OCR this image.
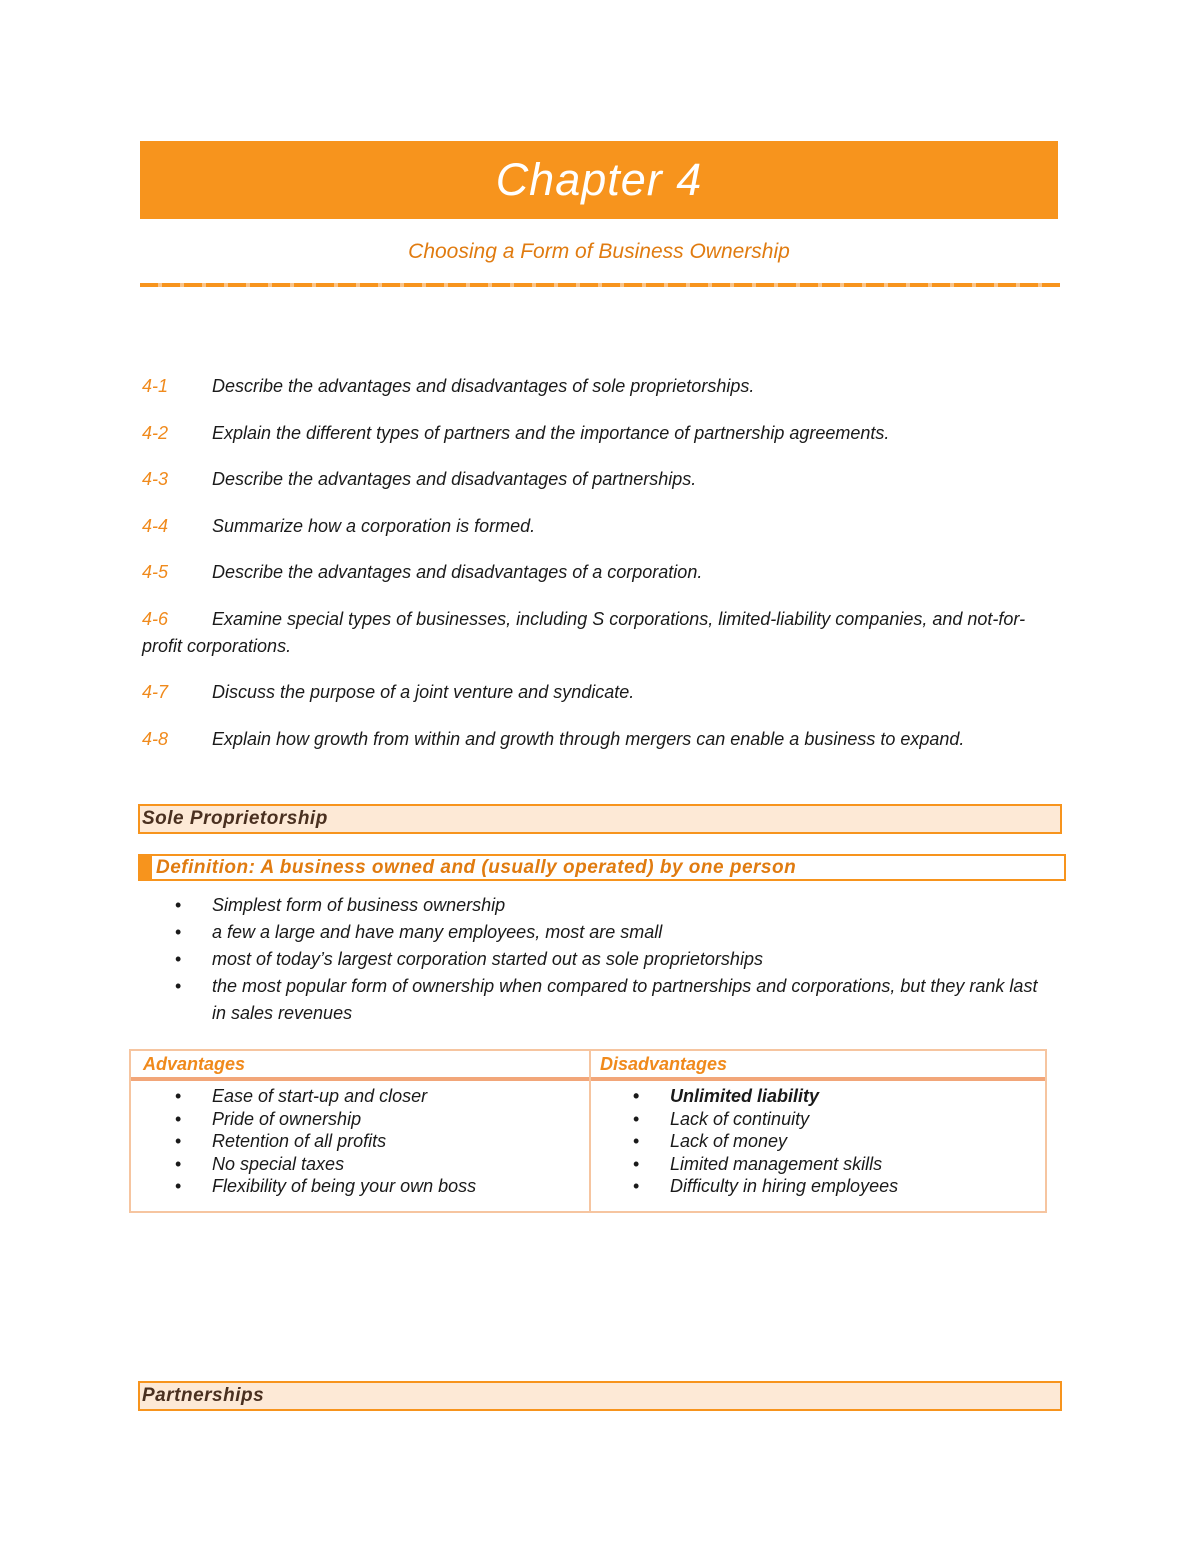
Chapter 4
Choosing a Form of Business Ownership
4-1 Describe the advantages and disadvantages of sole proprietorships.
4-2 Explain the different types of partners and the importance of partnership agreements.
4-3 Describe the advantages and disadvantages of partnerships.
4-4 Summarize how a corporation is formed.
4-5 Describe the advantages and disadvantages of a corporation.
4-6 Examine special types of businesses, including S corporations, limited-liability companies, and not-for-profit corporations.
4-7 Discuss the purpose of a joint venture and syndicate.
4-8 Explain how growth from within and growth through mergers can enable a business to expand.
Sole Proprietorship
Definition: A business owned and (usually operated) by one person
• Simplest form of business ownership
• a few a large and have many employees, most are small
• most of today’s largest corporation started out as sole proprietorships
• the most popular form of ownership when compared to partnerships and corporations, but they rank last in sales revenues
Advantages	Disadvantages
• Ease of start-up and closer
• Pride of ownership
• Retention of all profits
• No special taxes
• Flexibility of being your own boss
• Unlimited liability
• Lack of continuity
• Lack of money
• Limited management skills
• Difficulty in hiring employees
Partnerships
